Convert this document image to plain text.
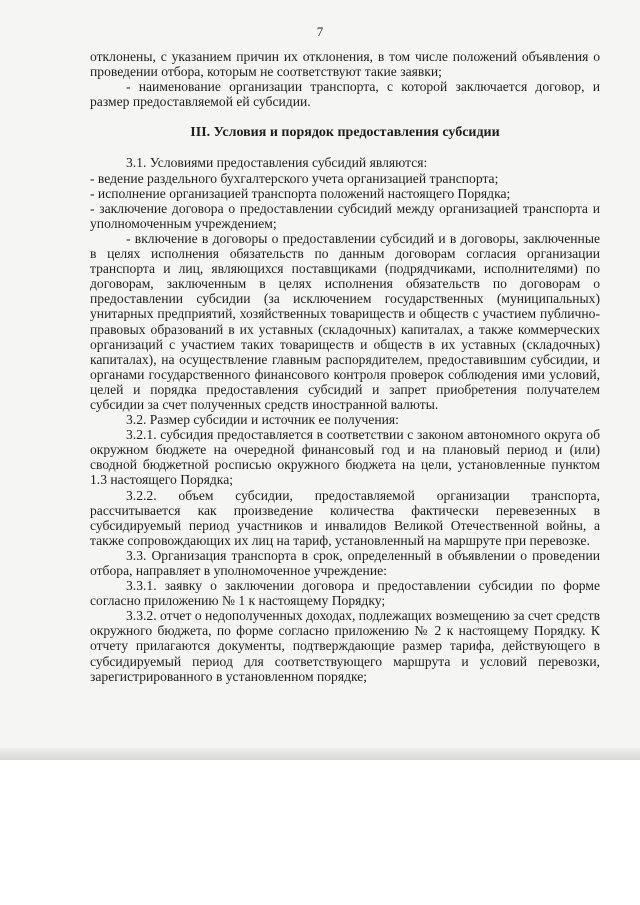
7

отклонены, с указанием причин их отклонения, в том числе положений объявления о проведении отбора, которым не соответствуют такие заявки;

- наименование организации транспорта, с которой заключается договор, и размер предоставляемой ей субсидии.

III. Условия и порядок предоставления субсидии

3.1. Условиями предоставления субсидий являются:

- ведение раздельного бухгалтерского учета организацией транспорта;

- исполнение организацией транспорта положений настоящего Порядка;

- заключение договора о предоставлении субсидий между организацией транспорта и уполномоченным учреждением;

- включение в договоры о предоставлении субсидий и в договоры, заключенные в целях исполнения обязательств по данным договорам согласия организации транспорта и лиц, являющихся поставщиками (подрядчиками, исполнителями) по договорам, заключенным в целях исполнения обязательств по договорам о предоставлении субсидии (за исключением государственных (муниципальных) унитарных предприятий, хозяйственных товариществ и обществ с участием публично-правовых образований в их уставных (складочных) капиталах, а также коммерческих организаций с участием таких товариществ и обществ в их уставных (складочных) капиталах), на осуществление главным распорядителем, предоставившим субсидии, и органами государственного финансового контроля проверок соблюдения ими условий, целей и порядка предоставления субсидий и запрет приобретения получателем субсидии за счет полученных средств иностранной валюты.

3.2. Размер субсидии и источник ее получения:

3.2.1. субсидия предоставляется в соответствии с законом автономного округа об окружном бюджете на очередной финансовый год и на плановый период и (или) сводной бюджетной росписью окружного бюджета на цели, установленные пунктом 1.3 настоящего Порядка;

3.2.2. объем субсидии, предоставляемой организации транспорта, рассчитывается как произведение количества фактически перевезенных в субсидируемый период участников и инвалидов Великой Отечественной войны, а также сопровождающих их лиц на тариф, установленный на маршруте при перевозке.

3.3. Организация транспорта в срок, определенный в объявлении о проведении отбора, направляет в уполномоченное учреждение:

3.3.1. заявку о заключении договора и предоставлении субсидии по форме согласно приложению № 1 к настоящему Порядку;

3.3.2. отчет о недополученных доходах, подлежащих возмещению за счет средств окружного бюджета, по форме согласно приложению № 2 к настоящему Порядку. К отчету прилагаются документы, подтверждающие размер тарифа, действующего в субсидируемый период для соответствующего маршрута и условий перевозки, зарегистрированного в установленном порядке;
